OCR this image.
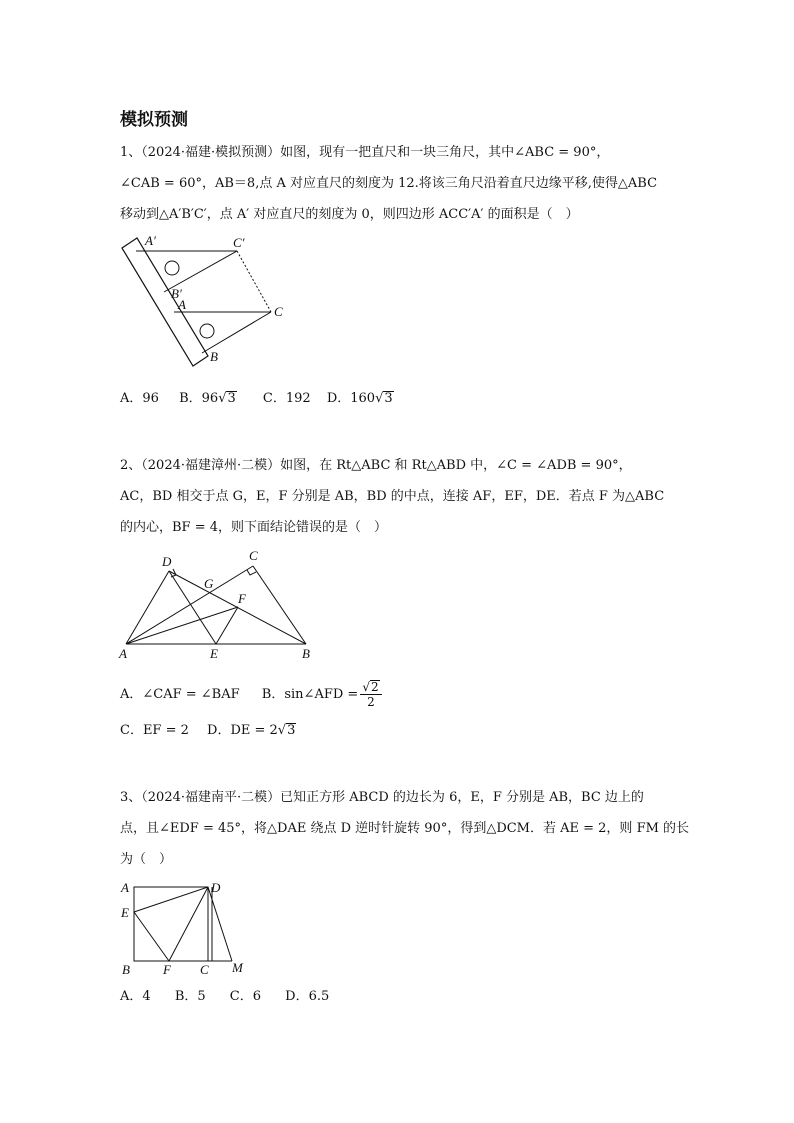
模拟预测
1、（2024·福建·模拟预测）如图，现有一把直尺和一块三角尺，其中∠ABC = 90°，
∠CAB = 60°，AB＝8,点 A 对应直尺的刻度为 12.将该三角尺沿着直尺边缘平移,使得△ABC
移动到△A′B′C′，点 A′ 对应直尺的刻度为 0，则四边形 ACC′A′ 的面积是（　）
A′	C′
B′
A	C
B
A．96 B．96√3 C．192 D．160√3
2、（2024·福建漳州·二模）如图，在 Rt△ABC 和 Rt△ABD 中，∠C = ∠ADB = 90°，
AC，BD 相交于点 G，E，F 分别是 AB，BD 的中点，连接 AF，EF，DE．若点 F 为△ABC
的内心，BF = 4，则下面结论错误的是（　）
D	C
G
F
A	E	B
A．∠CAF = ∠BAF B．sin∠AFD = $\frac{√2}{2}$
C．EF = 2 D．DE = 2√3
3、（2024·福建南平·二模）已知正方形 ABCD 的边长为 6，E，F 分别是 AB，BC 边上的
点，且∠EDF = 45°，将△DAE 绕点 D 逆时针旋转 90°，得到△DCM．若 AE = 2，则 FM 的长
为（　）
A	D
E
B	F C M
A．4 B．5 C．6 D．6.5
